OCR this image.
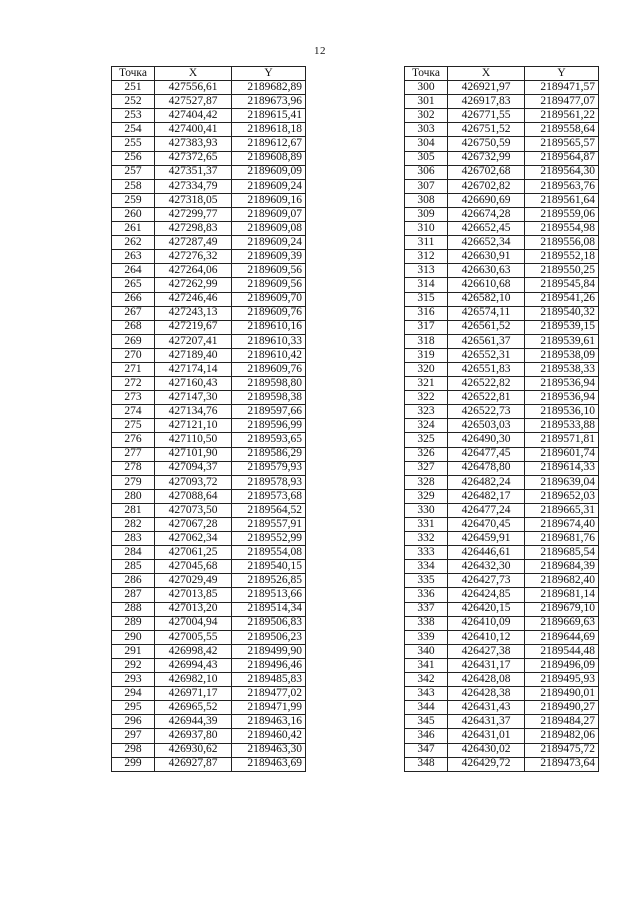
12
Точка	X	Y
251	427556,61	2189682,89
252	427527,87	2189673,96
253	427404,42	2189615,41
254	427400,41	2189618,18
255	427383,93	2189612,67
256	427372,65	2189608,89
257	427351,37	2189609,09
258	427334,79	2189609,24
259	427318,05	2189609,16
260	427299,77	2189609,07
261	427298,83	2189609,08
262	427287,49	2189609,24
263	427276,32	2189609,39
264	427264,06	2189609,56
265	427262,99	2189609,56
266	427246,46	2189609,70
267	427243,13	2189609,76
268	427219,67	2189610,16
269	427207,41	2189610,33
270	427189,40	2189610,42
271	427174,14	2189609,76
272	427160,43	2189598,80
273	427147,30	2189598,38
274	427134,76	2189597,66
275	427121,10	2189596,99
276	427110,50	2189593,65
277	427101,90	2189586,29
278	427094,37	2189579,93
279	427093,72	2189578,93
280	427088,64	2189573,68
281	427073,50	2189564,52
282	427067,28	2189557,91
283	427062,34	2189552,99
284	427061,25	2189554,08
285	427045,68	2189540,15
286	427029,49	2189526,85
287	427013,85	2189513,66
288	427013,20	2189514,34
289	427004,94	2189506,83
290	427005,55	2189506,23
291	426998,42	2189499,90
292	426994,43	2189496,46
293	426982,10	2189485,83
294	426971,17	2189477,02
295	426965,52	2189471,99
296	426944,39	2189463,16
297	426937,80	2189460,42
298	426930,62	2189463,30
299	426927,87	2189463,69
Точка	X	Y
300	426921,97	2189471,57
301	426917,83	2189477,07
302	426771,55	2189561,22
303	426751,52	2189558,64
304	426750,59	2189565,57
305	426732,99	2189564,87
306	426702,68	2189564,30
307	426702,82	2189563,76
308	426690,69	2189561,64
309	426674,28	2189559,06
310	426652,45	2189554,98
311	426652,34	2189556,08
312	426630,91	2189552,18
313	426630,63	2189550,25
314	426610,68	2189545,84
315	426582,10	2189541,26
316	426574,11	2189540,32
317	426561,52	2189539,15
318	426561,37	2189539,61
319	426552,31	2189538,09
320	426551,83	2189538,33
321	426522,82	2189536,94
322	426522,81	2189536,94
323	426522,73	2189536,10
324	426503,03	2189533,88
325	426490,30	2189571,81
326	426477,45	2189601,74
327	426478,80	2189614,33
328	426482,24	2189639,04
329	426482,17	2189652,03
330	426477,24	2189665,31
331	426470,45	2189674,40
332	426459,91	2189681,76
333	426446,61	2189685,54
334	426432,30	2189684,39
335	426427,73	2189682,40
336	426424,85	2189681,14
337	426420,15	2189679,10
338	426410,09	2189669,63
339	426410,12	2189644,69
340	426427,38	2189544,48
341	426431,17	2189496,09
342	426428,08	2189495,93
343	426428,38	2189490,01
344	426431,43	2189490,27
345	426431,37	2189484,27
346	426431,01	2189482,06
347	426430,02	2189475,72
348	426429,72	2189473,64
